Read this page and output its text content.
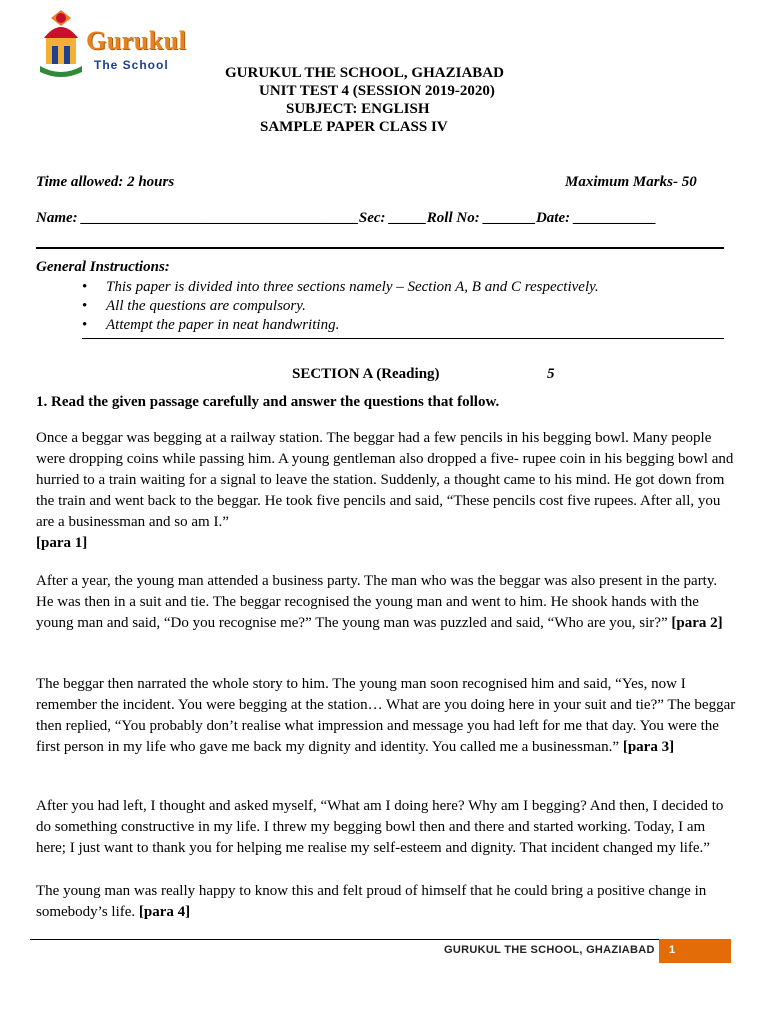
Gurukul
The School	GURUKUL THE SCHOOL, GHAZIABAD
UNIT TEST 4 (SESSION 2019-2020)
SUBJECT: ENGLISH
SAMPLE PAPER CLASS IV
Time allowed: 2 hours	Maximum Marks- 50
Name: _____________________________________Sec: _____Roll No: _______Date: ___________
General Instructions:
• This paper is divided into three sections namely – Section A, B and C respectively.
• All the questions are compulsory.
• Attempt the paper in neat handwriting.
SECTION A (Reading)	5
1. Read the given passage carefully and answer the questions that follow.
Once a beggar was begging at a railway station. The beggar had a few pencils in his begging bowl. Many people were dropping coins while passing him. A young gentleman also dropped a five- rupee coin in his begging bowl and hurried to a train waiting for a signal to leave the station. Suddenly, a thought came to his mind. He got down from the train and went back to the beggar. He took five pencils and said, “These pencils cost five rupees. After all, you are a businessman and so am I.”
[para 1]
After a year, the young man attended a business party. The man who was the beggar was also present in the party. He was then in a suit and tie. The beggar recognised the young man and went to him. He shook hands with the young man and said, “Do you recognise me?” The young man was puzzled and said, “Who are you, sir?” [para 2]
The beggar then narrated the whole story to him. The young man soon recognised him and said, “Yes, now I remember the incident. You were begging at the station… What are you doing here in your suit and tie?” The beggar then replied, “You probably don’t realise what impression and message you had left for me that day. You were the first person in my life who gave me back my dignity and identity. You called me a businessman.” [para 3]
After you had left, I thought and asked myself, “What am I doing here? Why am I begging? And then, I decided to do something constructive in my life. I threw my begging bowl then and there and started working. Today, I am here; I just want to thank you for helping me realise my self-esteem and dignity. That incident changed my life.”
The young man was really happy to know this and felt proud of himself that he could bring a positive change in somebody’s life. [para 4]
GURUKUL THE SCHOOL, GHAZIABAD 1
